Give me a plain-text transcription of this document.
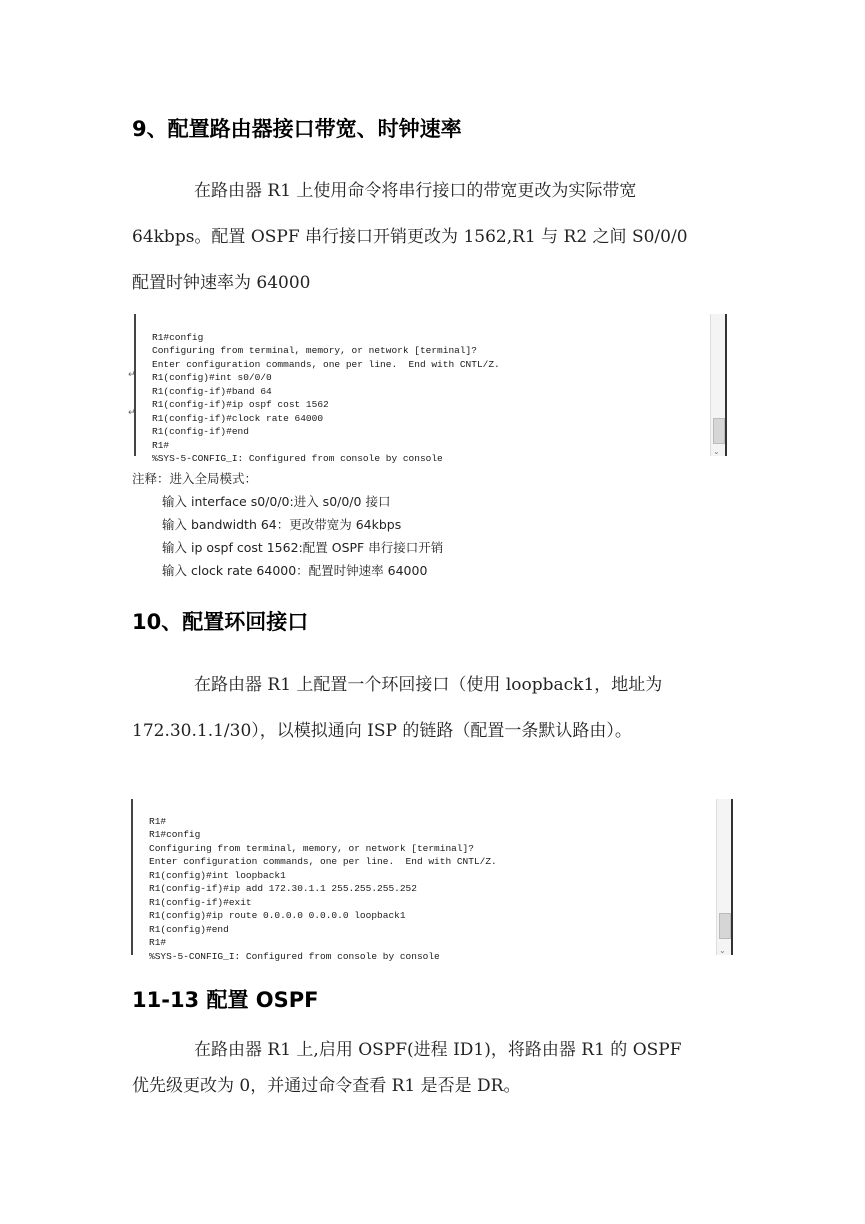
9、配置路由器接口带宽、时钟速率
在路由器 R1 上使用命令将串行接口的带宽更改为实际带宽
64kbps。配置 OSPF 串行接口开销更改为 1562,R1 与 R2 之间 S0/0/0
配置时钟速率为 64000

R1#config
Configuring from terminal, memory, or network [terminal]?
Enter configuration commands, one per line.  End with CNTL/Z.
R1(config)#int s0/0/0
R1(config-if)#band 64
R1(config-if)#ip ospf cost 1562
R1(config-if)#clock rate 64000
R1(config-if)#end
R1#
%SYS-5-CONFIG_I: Configured from console by console
⌄
↵
↵
注释：进入全局模式：
输入 interface s0/0/0:进入 s0/0/0 接口
输入 bandwidth 64：更改带宽为 64kbps
输入 ip ospf cost 1562:配置 OSPF 串行接口开销
输入 clock rate 64000：配置时钟速率 64000
10、配置环回接口
在路由器 R1 上配置一个环回接口（使用 loopback1，地址为
172.30.1.1/30），以模拟通向 ISP 的链路（配置一条默认路由）。

R1#
R1#config
Configuring from terminal, memory, or network [terminal]?
Enter configuration commands, one per line.  End with CNTL/Z.
R1(config)#int loopback1
R1(config-if)#ip add 172.30.1.1 255.255.255.252
R1(config-if)#exit
R1(config)#ip route 0.0.0.0 0.0.0.0 loopback1
R1(config)#end
R1#
%SYS-5-CONFIG_I: Configured from console by console	⌄
11-13 配置 OSPF
在路由器 R1 上,启用 OSPF(进程 ID1)，将路由器 R1 的 OSPF
优先级更改为 0，并通过命令查看 R1 是否是 DR。
